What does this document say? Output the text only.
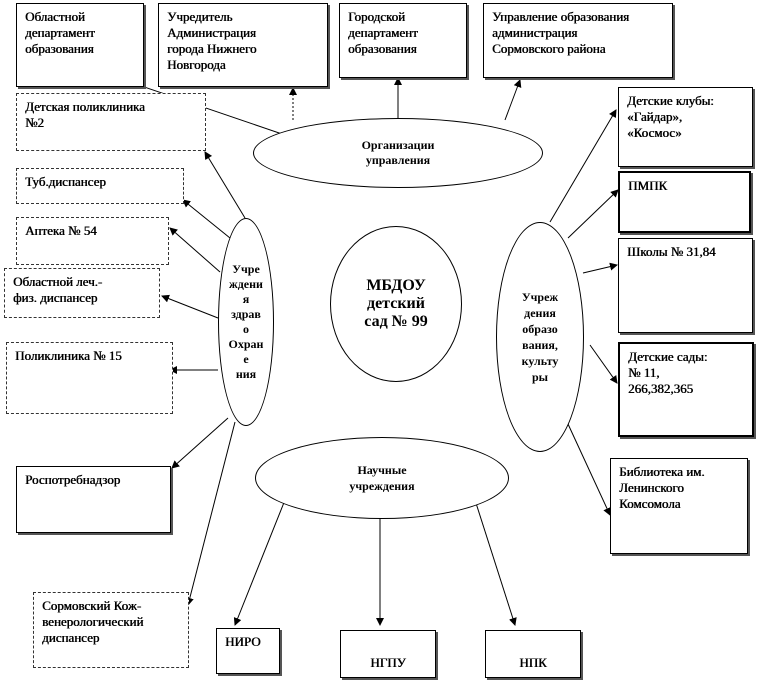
Областной
департамент
образования
Учредитель
Администрация
города Нижнего
Новгорода
Городской
департамент
образования
Управление образования
администрация
Сормовского района
Детская поликлиника
№2
Туб.диспансер
Аптека № 54
Областной леч.-
физ. диспансер
Поликлиника № 15
Роспотребнадзор
Сормовский Кож-
венерологический
диспансер
Детские клубы:
«Гайдар»,
«Космос»
ПМПК
Школы № 31,84
Детские сады:
№ 11,
266,382,365
Библиотека им.
Ленинского
Комсомола
НИРО
НГПУ	НПК
Организации
управления
Учре
ждени
я
здрав
о
Охран
е
ния
МБДОУ
детский
сад № 99
Учреж
дения
образо
вания,
культу
ры
Научные
учреждения
